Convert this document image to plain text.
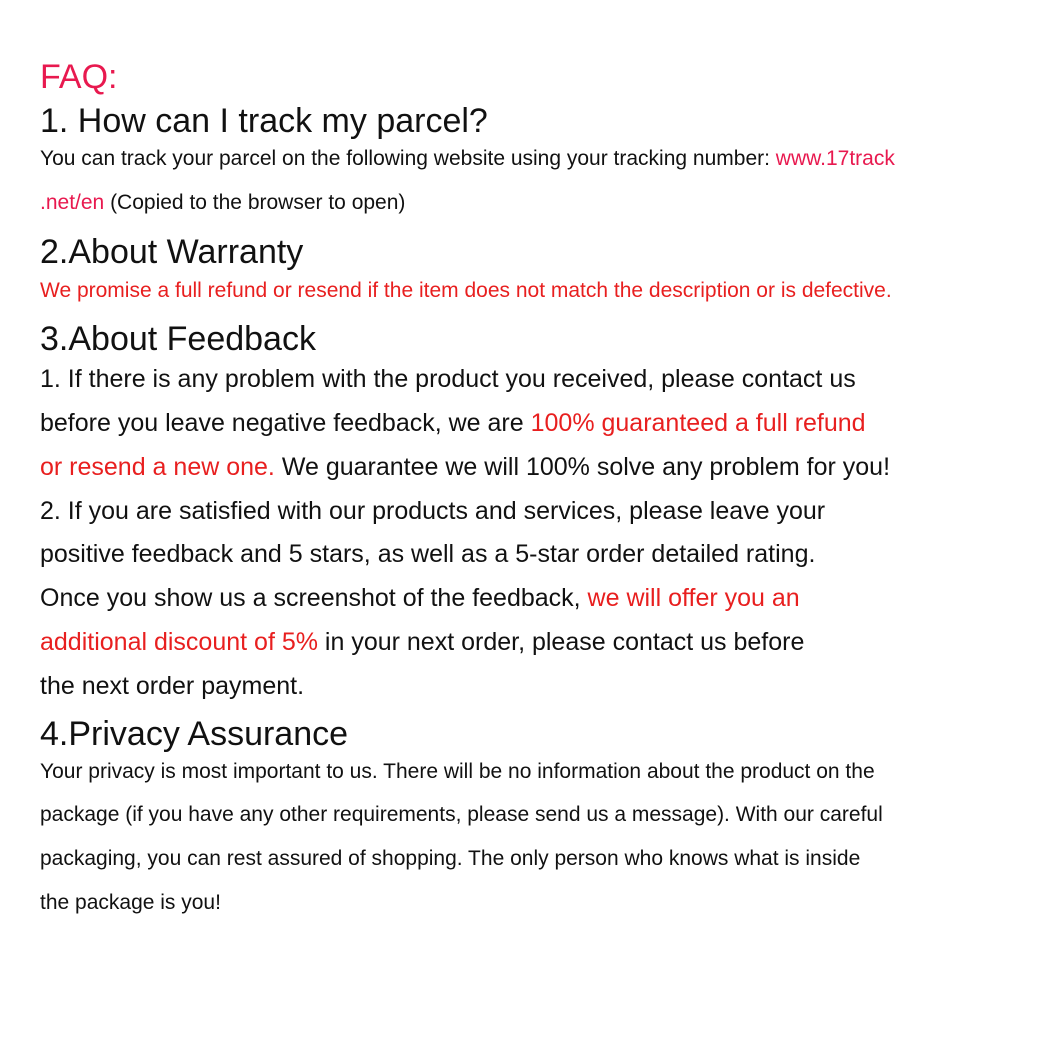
FAQ:
1. How can I track my parcel?
You can track your parcel on the following website using your tracking number: www.17track
.net/en (Copied to the browser to open)
2.About Warranty
We promise a full refund or resend if the item does not match the description or is defective.
3.About Feedback
1. If there is any problem with the product you received, please contact us
before you leave negative feedback, we are 100% guaranteed a full refund
or resend a new one. We guarantee we will 100% solve any problem for you!
2. If you are satisfied with our products and services, please leave your
positive feedback and 5 stars, as well as a 5-star order detailed rating.
Once you show us a screenshot of the feedback, we will offer you an
additional discount of 5% in your next order, please contact us before
the next order payment.
4.Privacy Assurance
Your privacy is most important to us. There will be no information about the product on the
package (if you have any other requirements, please send us a message). With our careful
packaging, you can rest assured of shopping. The only person who knows what is inside
the package is you!
